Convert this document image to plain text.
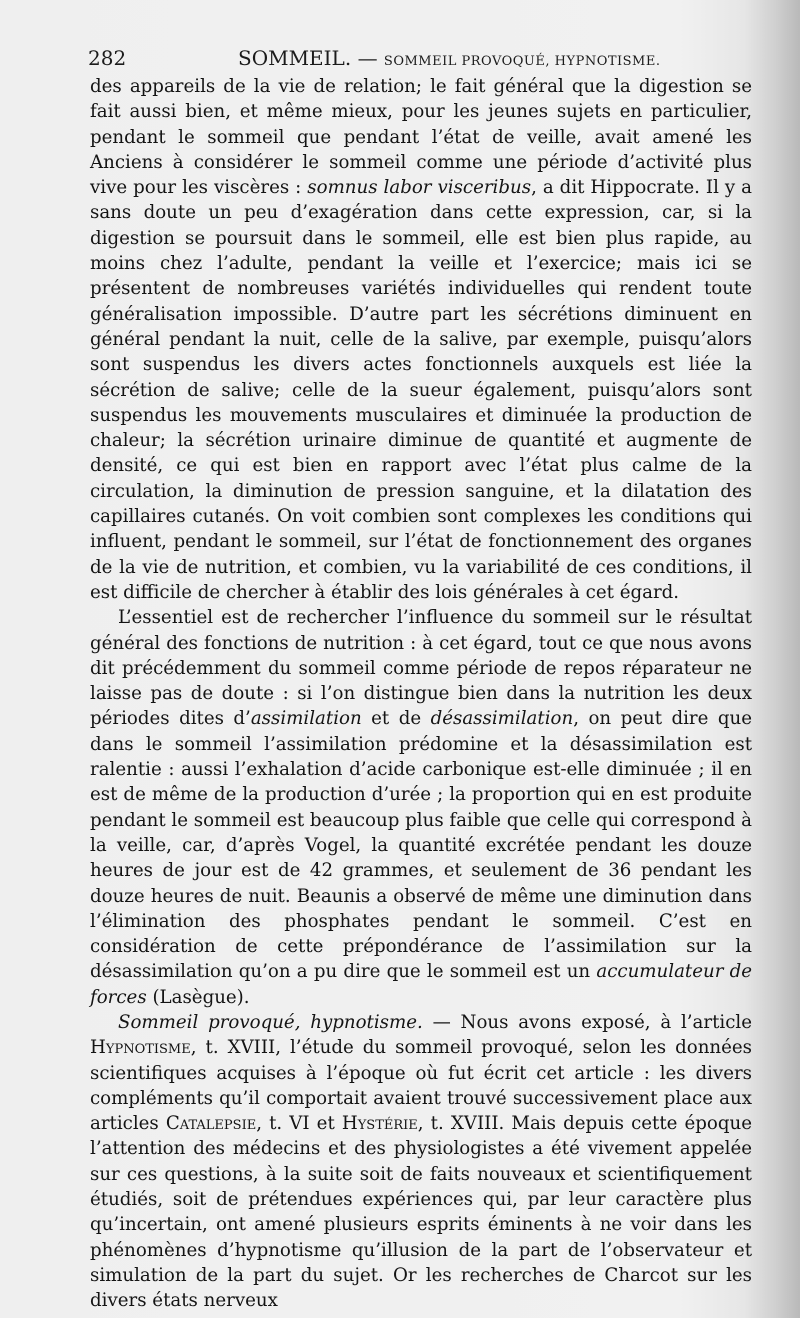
282	SOMMEIL. — SOMMEIL PROVOQUÉ, HYPNOTISME.

des appareils de la vie de relation; le fait général que la digestion se fait aussi bien, et même mieux, pour les jeunes sujets en particulier, pendant le sommeil que pendant l’état de veille, avait amené les Anciens à considérer le sommeil comme une période d’activité plus vive pour les viscères : somnus labor visceribus, a dit Hippocrate. Il y a sans doute un peu d’exagération dans cette expression, car, si la digestion se poursuit dans le sommeil, elle est bien plus rapide, au moins chez l’adulte, pendant la veille et l’exercice; mais ici se présentent de nombreuses variétés individuelles qui rendent toute généralisation impossible. D’autre part les sécrétions diminuent en général pendant la nuit, celle de la salive, par exemple, puisqu’alors sont suspendus les divers actes fonctionnels auxquels est liée la sécrétion de salive; celle de la sueur également, puisqu’alors sont suspendus les mouvements musculaires et diminuée la production de chaleur; la sécrétion urinaire diminue de quantité et augmente de densité, ce qui est bien en rapport avec l’état plus calme de la circulation, la diminution de pression sanguine, et la dilatation des capillaires cutanés. On voit combien sont complexes les conditions qui influent, pendant le sommeil, sur l’état de fonctionnement des organes de la vie de nutrition, et combien, vu la variabilité de ces conditions, il est difficile de chercher à établir des lois générales à cet égard.

L’essentiel est de rechercher l’influence du sommeil sur le résultat général des fonctions de nutrition : à cet égard, tout ce que nous avons dit précédemment du sommeil comme période de repos réparateur ne laisse pas de doute : si l’on distingue bien dans la nutrition les deux périodes dites d’assimilation et de désassimilation, on peut dire que dans le sommeil l’assimilation prédomine et la désassimilation est ralentie : aussi l’exhalation d’acide carbonique est-elle diminuée ; il en est de même de la production d’urée ; la proportion qui en est produite pendant le sommeil est beaucoup plus faible que celle qui correspond à la veille, car, d’après Vogel, la quantité excrétée pendant les douze heures de jour est de 42 grammes, et seulement de 36 pendant les douze heures de nuit. Beaunis a observé de même une diminution dans l’élimination des phosphates pendant le sommeil. C’est en considération de cette prépondérance de l’assimilation sur la désassimilation qu’on a pu dire que le sommeil est un accumulateur de forces (Lasègue).

Sommeil provoqué, hypnotisme. — Nous avons exposé, à l’article Hypnotisme, t. XVIII, l’étude du sommeil provoqué, selon les données scientifiques acquises à l’époque où fut écrit cet article : les divers compléments qu’il comportait avaient trouvé successivement place aux articles Catalepsie, t. VI et Hystérie, t. XVIII. Mais depuis cette époque l’attention des médecins et des physiologistes a été vivement appelée sur ces questions, à la suite soit de faits nouveaux et scientifiquement étudiés, soit de prétendues expériences qui, par leur caractère plus qu’incertain, ont amené plusieurs esprits éminents à ne voir dans les phénomènes d’hypnotisme qu’illusion de la part de l’observateur et simulation de la part du sujet. Or les recherches de Charcot sur les divers états nerveux
